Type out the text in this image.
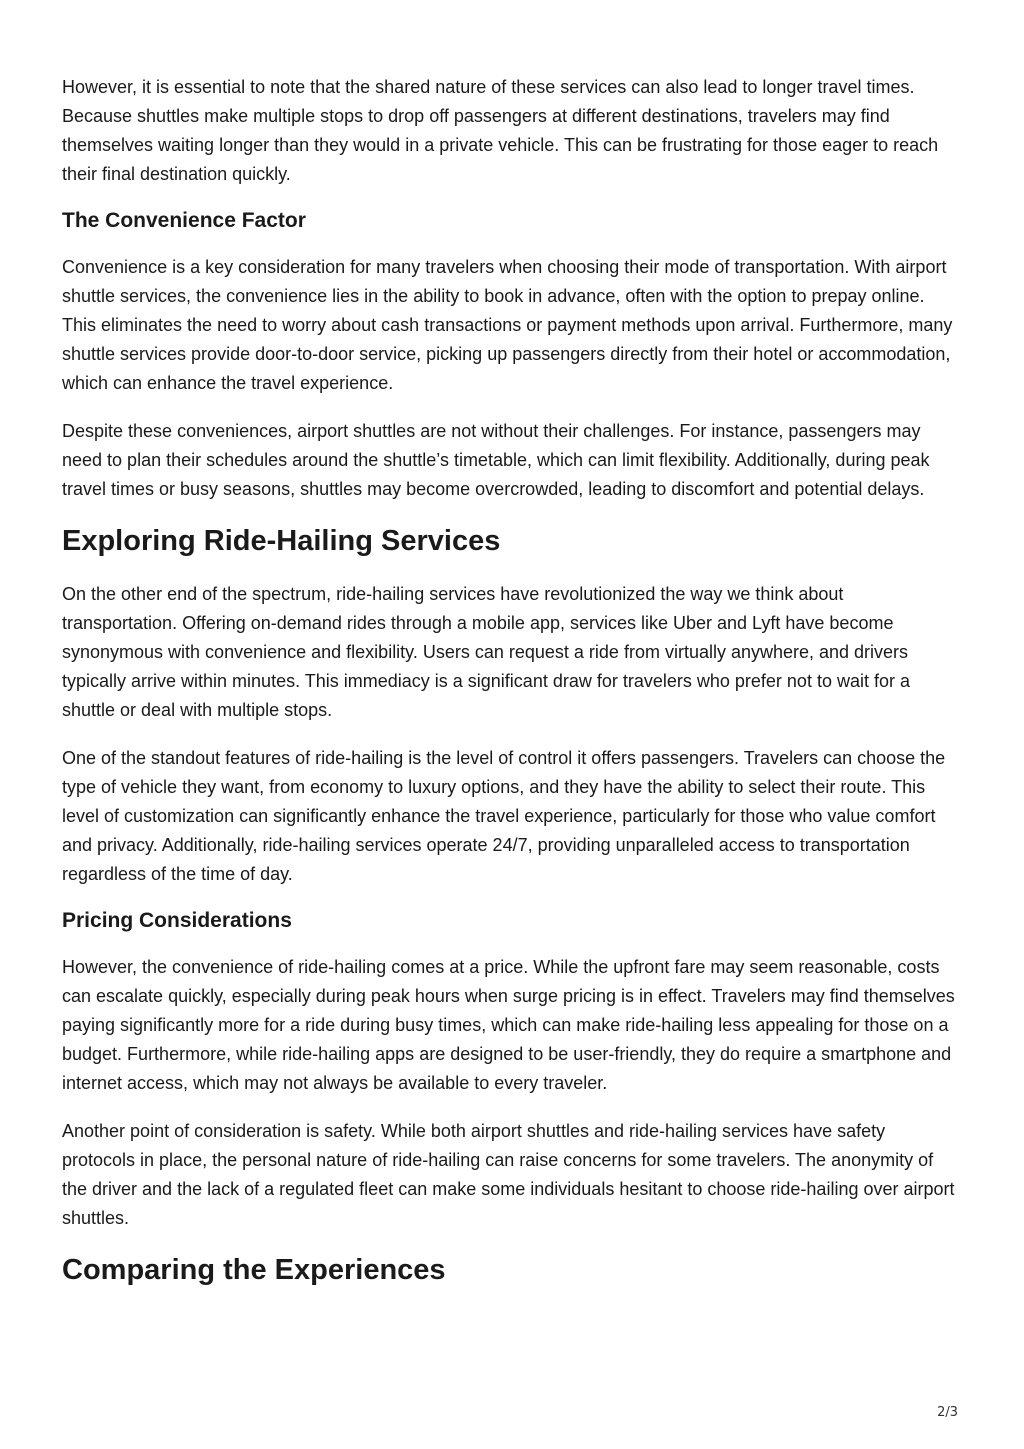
However, it is essential to note that the shared nature of these services can also lead to longer travel times. Because shuttles make multiple stops to drop off passengers at different destinations, travelers may find themselves waiting longer than they would in a private vehicle. This can be frustrating for those eager to reach their final destination quickly.

The Convenience Factor

Convenience is a key consideration for many travelers when choosing their mode of transportation. With airport shuttle services, the convenience lies in the ability to book in advance, often with the option to prepay online. This eliminates the need to worry about cash transactions or payment methods upon arrival. Furthermore, many shuttle services provide door-to-door service, picking up passengers directly from their hotel or accommodation, which can enhance the travel experience.

Despite these conveniences, airport shuttles are not without their challenges. For instance, passengers may need to plan their schedules around the shuttle’s timetable, which can limit flexibility. Additionally, during peak travel times or busy seasons, shuttles may become overcrowded, leading to discomfort and potential delays.

Exploring Ride-Hailing Services

On the other end of the spectrum, ride-hailing services have revolutionized the way we think about transportation. Offering on-demand rides through a mobile app, services like Uber and Lyft have become synonymous with convenience and flexibility. Users can request a ride from virtually anywhere, and drivers typically arrive within minutes. This immediacy is a significant draw for travelers who prefer not to wait for a shuttle or deal with multiple stops.

One of the standout features of ride-hailing is the level of control it offers passengers. Travelers can choose the type of vehicle they want, from economy to luxury options, and they have the ability to select their route. This level of customization can significantly enhance the travel experience, particularly for those who value comfort and privacy. Additionally, ride-hailing services operate 24/7, providing unparalleled access to transportation regardless of the time of day.

Pricing Considerations

However, the convenience of ride-hailing comes at a price. While the upfront fare may seem reasonable, costs can escalate quickly, especially during peak hours when surge pricing is in effect. Travelers may find themselves paying significantly more for a ride during busy times, which can make ride-hailing less appealing for those on a budget. Furthermore, while ride-hailing apps are designed to be user-friendly, they do require a smartphone and internet access, which may not always be available to every traveler.

Another point of consideration is safety. While both airport shuttles and ride-hailing services have safety protocols in place, the personal nature of ride-hailing can raise concerns for some travelers. The anonymity of the driver and the lack of a regulated fleet can make some individuals hesitant to choose ride-hailing over airport shuttles.

Comparing the Experiences
2/3
